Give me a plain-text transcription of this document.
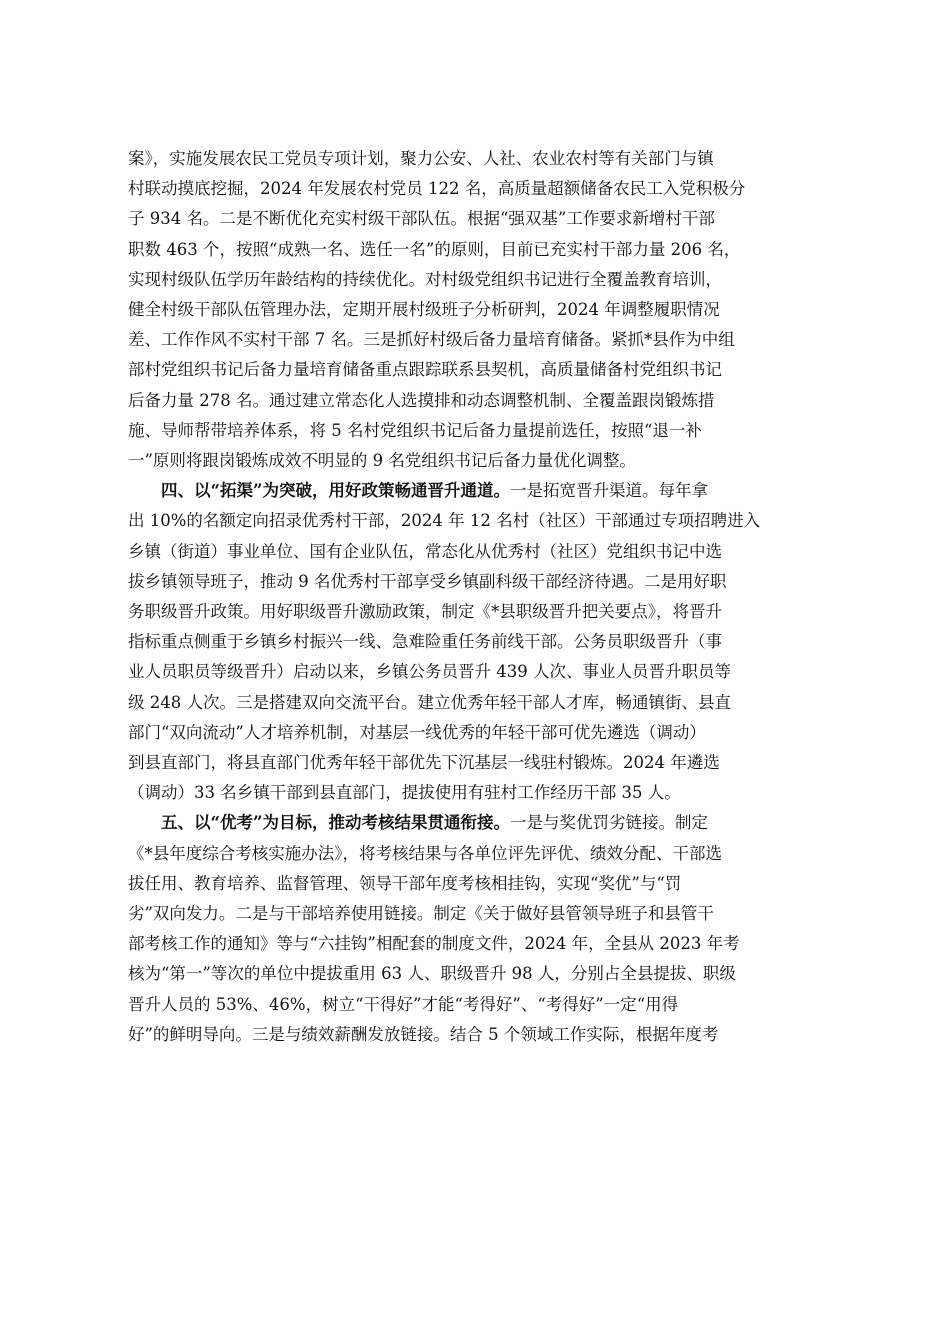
案》，实施发展农民工党员专项计划，聚力公安、人社、农业农村等有关部门与镇
村联动摸底挖掘，2024 年发展农村党员 122 名，高质量超额储备农民工入党积极分
子 934 名。二是不断优化充实村级干部队伍。根据“强双基”工作要求新增村干部
职数 463 个，按照“成熟一名、选任一名”的原则，目前已充实村干部力量 206 名，
实现村级队伍学历年龄结构的持续优化。对村级党组织书记进行全覆盖教育培训，
健全村级干部队伍管理办法，定期开展村级班子分析研判，2024 年调整履职情况
差、工作作风不实村干部 7 名。三是抓好村级后备力量培育储备。紧抓*县作为中组
部村党组织书记后备力量培育储备重点跟踪联系县契机，高质量储备村党组织书记
后备力量 278 名。通过建立常态化人选摸排和动态调整机制、全覆盖跟岗锻炼措
施、导师帮带培养体系，将 5 名村党组织书记后备力量提前选任，按照“退一补
一”原则将跟岗锻炼成效不明显的 9 名党组织书记后备力量优化调整。

　　四、以“拓渠”为突破，用好政策畅通晋升通道。一是拓宽晋升渠道。每年拿
出 10%的名额定向招录优秀村干部，2024 年 12 名村（社区）干部通过专项招聘进入
乡镇（街道）事业单位、国有企业队伍，常态化从优秀村（社区）党组织书记中选
拔乡镇领导班子，推动 9 名优秀村干部享受乡镇副科级干部经济待遇。二是用好职
务职级晋升政策。用好职级晋升激励政策，制定《*县职级晋升把关要点》，将晋升
指标重点侧重于乡镇乡村振兴一线、急难险重任务前线干部。公务员职级晋升（事
业人员职员等级晋升）启动以来，乡镇公务员晋升 439 人次、事业人员晋升职员等
级 248 人次。三是搭建双向交流平台。建立优秀年轻干部人才库，畅通镇街、县直
部门“双向流动”人才培养机制，对基层一线优秀的年轻干部可优先遴选（调动）
到县直部门，将县直部门优秀年轻干部优先下沉基层一线驻村锻炼。2024 年遴选
（调动）33 名乡镇干部到县直部门，提拔使用有驻村工作经历干部 35 人。

　　五、以“优考”为目标，推动考核结果贯通衔接。一是与奖优罚劣链接。制定
《*县年度综合考核实施办法》，将考核结果与各单位评先评优、绩效分配、干部选
拔任用、教育培养、监督管理、领导干部年度考核相挂钩，实现“奖优”与“罚
劣”双向发力。二是与干部培养使用链接。制定《关于做好县管领导班子和县管干
部考核工作的通知》等与“六挂钩”相配套的制度文件，2024 年，全县从 2023 年考
核为“第一”等次的单位中提拔重用 63 人、职级晋升 98 人，分别占全县提拔、职级
晋升人员的 53%、46%，树立“干得好”才能“考得好”、“考得好”一定“用得
好”的鲜明导向。三是与绩效薪酬发放链接。结合 5 个领域工作实际，根据年度考
